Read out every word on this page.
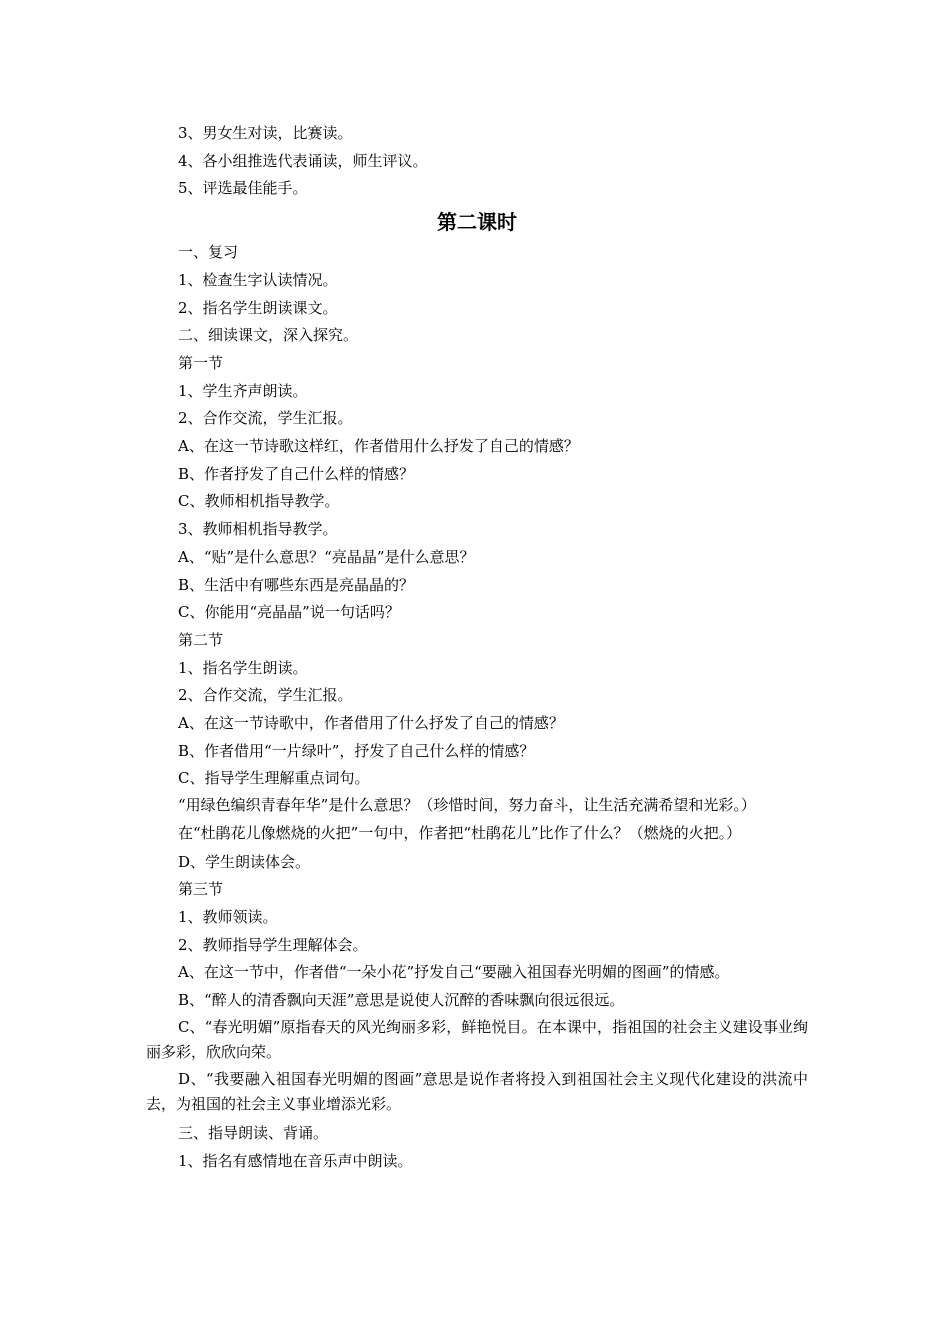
3、男女生对读，比赛读。

4、各小组推选代表诵读，师生评议。

5、评选最佳能手。

第二课时

一、复习

1、检查生字认读情况。

2、指名学生朗读课文。

二、细读课文，深入探究。

第一节

1、学生齐声朗读。

2、合作交流，学生汇报。

A、在这一节诗歌这样红，作者借用什么抒发了自己的情感？

B、作者抒发了自己什么样的情感？

C、教师相机指导教学。

3、教师相机指导教学。

A、“贴”是什么意思？“亮晶晶”是什么意思？

B、生活中有哪些东西是亮晶晶的？

C、你能用“亮晶晶”说一句话吗？

第二节

1、指名学生朗读。

2、合作交流，学生汇报。

A、在这一节诗歌中，作者借用了什么抒发了自己的情感？

B、作者借用“一片绿叶”，抒发了自己什么样的情感？

C、指导学生理解重点词句。

“用绿色编织青春年华”是什么意思？（珍惜时间，努力奋斗，让生活充满希望和光彩。）

在“杜鹃花儿像燃烧的火把”一句中，作者把“杜鹃花儿”比作了什么？（燃烧的火把。）

D、学生朗读体会。

第三节

1、教师领读。

2、教师指导学生理解体会。

A、在这一节中，作者借“一朵小花”抒发自己“要融入祖国春光明媚的图画”的情感。

B、“醉人的清香飘向天涯”意思是说使人沉醉的香味飘向很远很远。

C、“春光明媚”原指春天的风光绚丽多彩，鲜艳悦目。在本课中，指祖国的社会主义建设事业绚丽多彩，欣欣向荣。

D、“我要融入祖国春光明媚的图画”意思是说作者将投入到祖国社会主义现代化建设的洪流中去，为祖国的社会主义事业增添光彩。

三、指导朗读、背诵。

1、指名有感情地在音乐声中朗读。
